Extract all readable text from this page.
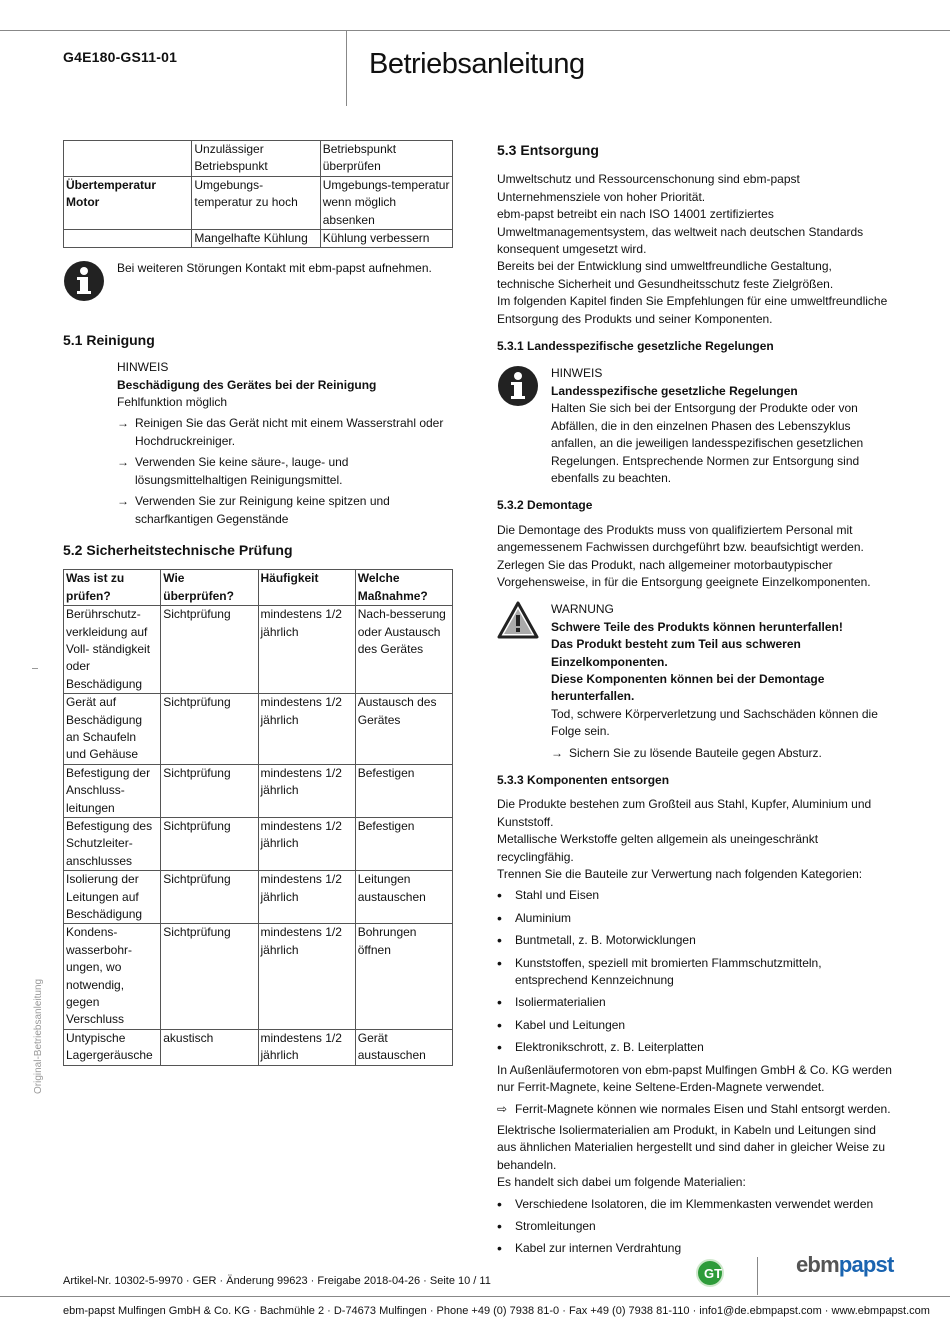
G4E180-GS11-01	Betriebsanleitung
	Unzulässiger Betriebspunkt	Betriebspunkt überprüfen
Übertemperatur Motor	Umgebungs-temperatur zu hoch	Umgebungs-temperatur wenn möglich absenken
	Mangelhafte Kühlung	Kühlung verbessern
Bei weiteren Störungen Kontakt mit ebm-papst aufnehmen.
5.1 Reinigung
HINWEIS
Beschädigung des Gerätes bei der Reinigung
Fehlfunktion möglich
→ Reinigen Sie das Gerät nicht mit einem Wasserstrahl oder Hochdruckreiniger.
→ Verwenden Sie keine säure-, lauge- und lösungsmittelhaltigen Reinigungsmittel.
→ Verwenden Sie zur Reinigung keine spitzen und scharfkantigen Gegenstände
5.2 Sicherheitstechnische Prüfung
Was ist zu prüfen?	Wie überprüfen?	Häufigkeit	Welche Maßnahme?
Berührschutz-verkleidung auf Voll- ständigkeit oder Beschädigung	Sichtprüfung	mindestens 1/2 jährlich	Nach-besserung oder Austausch des Gerätes
Gerät auf Beschädigung an Schaufeln und Gehäuse	Sichtprüfung	mindestens 1/2 jährlich	Austausch des Gerätes
Befestigung der Anschluss-leitungen	Sichtprüfung	mindestens 1/2 jährlich	Befestigen
Befestigung des Schutzleiter-anschlusses	Sichtprüfung	mindestens 1/2 jährlich	Befestigen
Isolierung der Leitungen auf Beschädigung	Sichtprüfung	mindestens 1/2 jährlich	Leitungen austauschen
Kondens-wasserbohr-ungen, wo notwendig, gegen Verschluss	Sichtprüfung	mindestens 1/2 jährlich	Bohrungen öffnen
Untypische Lagergeräusche	akustisch	mindestens 1/2 jährlich	Gerät austauschen
5.3 Entsorgung
Umweltschutz und Ressourcenschonung sind ebm-papst Unternehmensziele von hoher Priorität.
ebm-papst betreibt ein nach ISO 14001 zertifiziertes Umweltmanagementsystem, das weltweit nach deutschen Standards konsequent umgesetzt wird.
Bereits bei der Entwicklung sind umweltfreundliche Gestaltung, technische Sicherheit und Gesundheitsschutz feste Zielgrößen.
Im folgenden Kapitel finden Sie Empfehlungen für eine umweltfreundliche Entsorgung des Produkts und seiner Komponenten.
5.3.1 Landesspezifische gesetzliche Regelungen
HINWEIS
Landesspezifische gesetzliche Regelungen
Halten Sie sich bei der Entsorgung der Produkte oder von Abfällen, die in den einzelnen Phasen des Lebenszyklus anfallen, an die jeweiligen landesspezifischen gesetzlichen Regelungen. Entsprechende Normen zur Entsorgung sind ebenfalls zu beachten.
5.3.2 Demontage
Die Demontage des Produkts muss von qualifiziertem Personal mit angemessenem Fachwissen durchgeführt bzw. beaufsichtigt werden. Zerlegen Sie das Produkt, nach allgemeiner motorbautypischer Vorgehensweise, in für die Entsorgung geeignete Einzelkomponenten.
WARNUNG
Schwere Teile des Produkts können herunterfallen!
Das Produkt besteht zum Teil aus schweren Einzelkomponenten.
Diese Komponenten können bei der Demontage herunterfallen.
Tod, schwere Körperverletzung und Sachschäden können die Folge sein.
→ Sichern Sie zu lösende Bauteile gegen Absturz.
5.3.3 Komponenten entsorgen
Die Produkte bestehen zum Großteil aus Stahl, Kupfer, Aluminium und Kunststoff.
Metallische Werkstoffe gelten allgemein als uneingeschränkt recyclingfähig.
Trennen Sie die Bauteile zur Verwertung nach folgenden Kategorien:
•	Stahl und Eisen
•	Aluminium
•	Buntmetall, z. B. Motorwicklungen
•	Kunststoffen, speziell mit bromierten Flammschutzmitteln, entsprechend Kennzeichnung
•	Isoliermaterialien
•	Kabel und Leitungen
•	Elektronikschrott, z. B. Leiterplatten
In Außenläufermotoren von ebm-papst Mulfingen GmbH & Co. KG werden nur Ferrit-Magnete, keine Seltene-Erden-Magnete verwendet.
⇨ Ferrit-Magnete können wie normales Eisen und Stahl entsorgt werden.
Elektrische Isoliermaterialien am Produkt, in Kabeln und Leitungen sind aus ähnlichen Materialien hergestellt und sind daher in gleicher Weise zu behandeln.
Es handelt sich dabei um folgende Materialien:
•	Verschiedene Isolatoren, die im Klemmenkasten verwendet werden
•	Stromleitungen
•	Kabel zur internen Verdrahtung
Original-Betriebsanleitung
Artikel-Nr. 10302-5-9970 · GER · Änderung 99623 · Freigabe 2018-04-26 · Seite 10 / 11	GT	ebmpapst
ebm-papst Mulfingen GmbH & Co. KG · Bachmühle 2 · D-74673 Mulfingen · Phone +49 (0) 7938 81-0 · Fax +49 (0) 7938 81-110 · info1@de.ebmpapst.com · www.ebmpapst.com
